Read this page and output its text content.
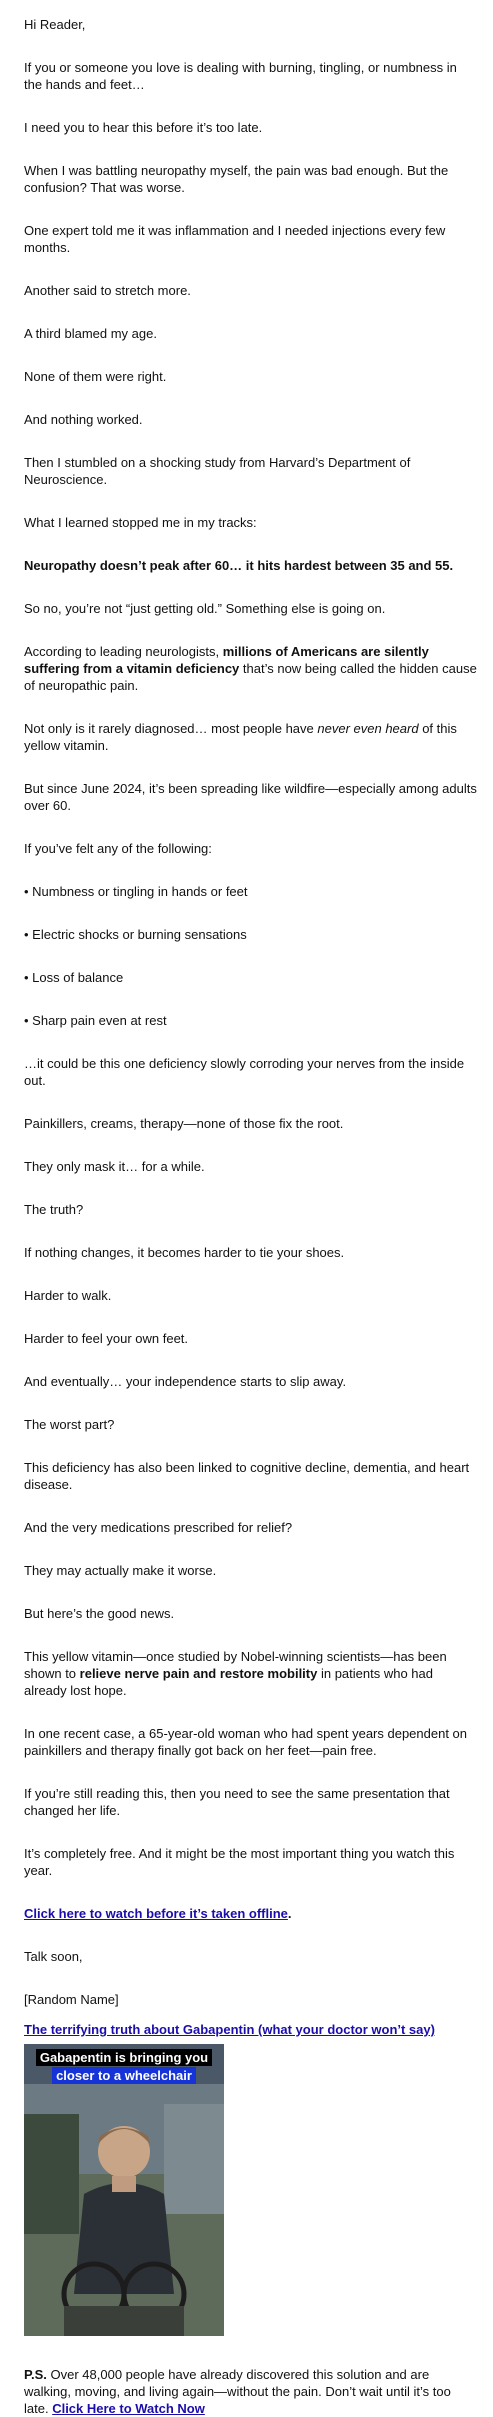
Hi Reader,

If you or someone you love is dealing with burning, tingling, or numbness in the hands and feet…

I need you to hear this before it’s too late.

When I was battling neuropathy myself, the pain was bad enough. But the confusion? That was worse.

One expert told me it was inflammation and I needed injections every few months.

Another said to stretch more.

A third blamed my age.

None of them were right.

And nothing worked.

Then I stumbled on a shocking study from Harvard’s Department of Neuroscience.

What I learned stopped me in my tracks:

Neuropathy doesn’t peak after 60… it hits hardest between 35 and 55.

So no, you’re not “just getting old.” Something else is going on.

According to leading neurologists, millions of Americans are silently suffering from a vitamin deficiency that’s now being called the hidden cause of neuropathic pain.

Not only is it rarely diagnosed… most people have never even heard of this yellow vitamin.

But since June 2024, it’s been spreading like wildfire—especially among adults over 60.

If you’ve felt any of the following:

• Numbness or tingling in hands or feet

• Electric shocks or burning sensations

• Loss of balance

• Sharp pain even at rest

…it could be this one deficiency slowly corroding your nerves from the inside out.

Painkillers, creams, therapy—none of those fix the root.

They only mask it… for a while.

The truth?

If nothing changes, it becomes harder to tie your shoes.

Harder to walk.

Harder to feel your own feet.

And eventually… your independence starts to slip away.

The worst part?

This deficiency has also been linked to cognitive decline, dementia, and heart disease.

And the very medications prescribed for relief?

They may actually make it worse.

But here’s the good news.

This yellow vitamin—once studied by Nobel-winning scientists—has been shown to relieve nerve pain and restore mobility in patients who had already lost hope.

In one recent case, a 65-year-old woman who had spent years dependent on painkillers and therapy finally got back on her feet—pain free.

If you’re still reading this, then you need to see the same presentation that changed her life.

It’s completely free. And it might be the most important thing you watch this year.

Click here to watch before it’s taken offline.

Talk soon,

[Random Name]

The terrifying truth about Gabapentin (what your doctor won’t say)
Gabapentin is bringing you
closer to a wheelchair

P.S. Over 48,000 people have already discovered this solution and are walking, moving, and living again—without the pain. Don’t wait until it’s too late. Click Here to Watch Now
